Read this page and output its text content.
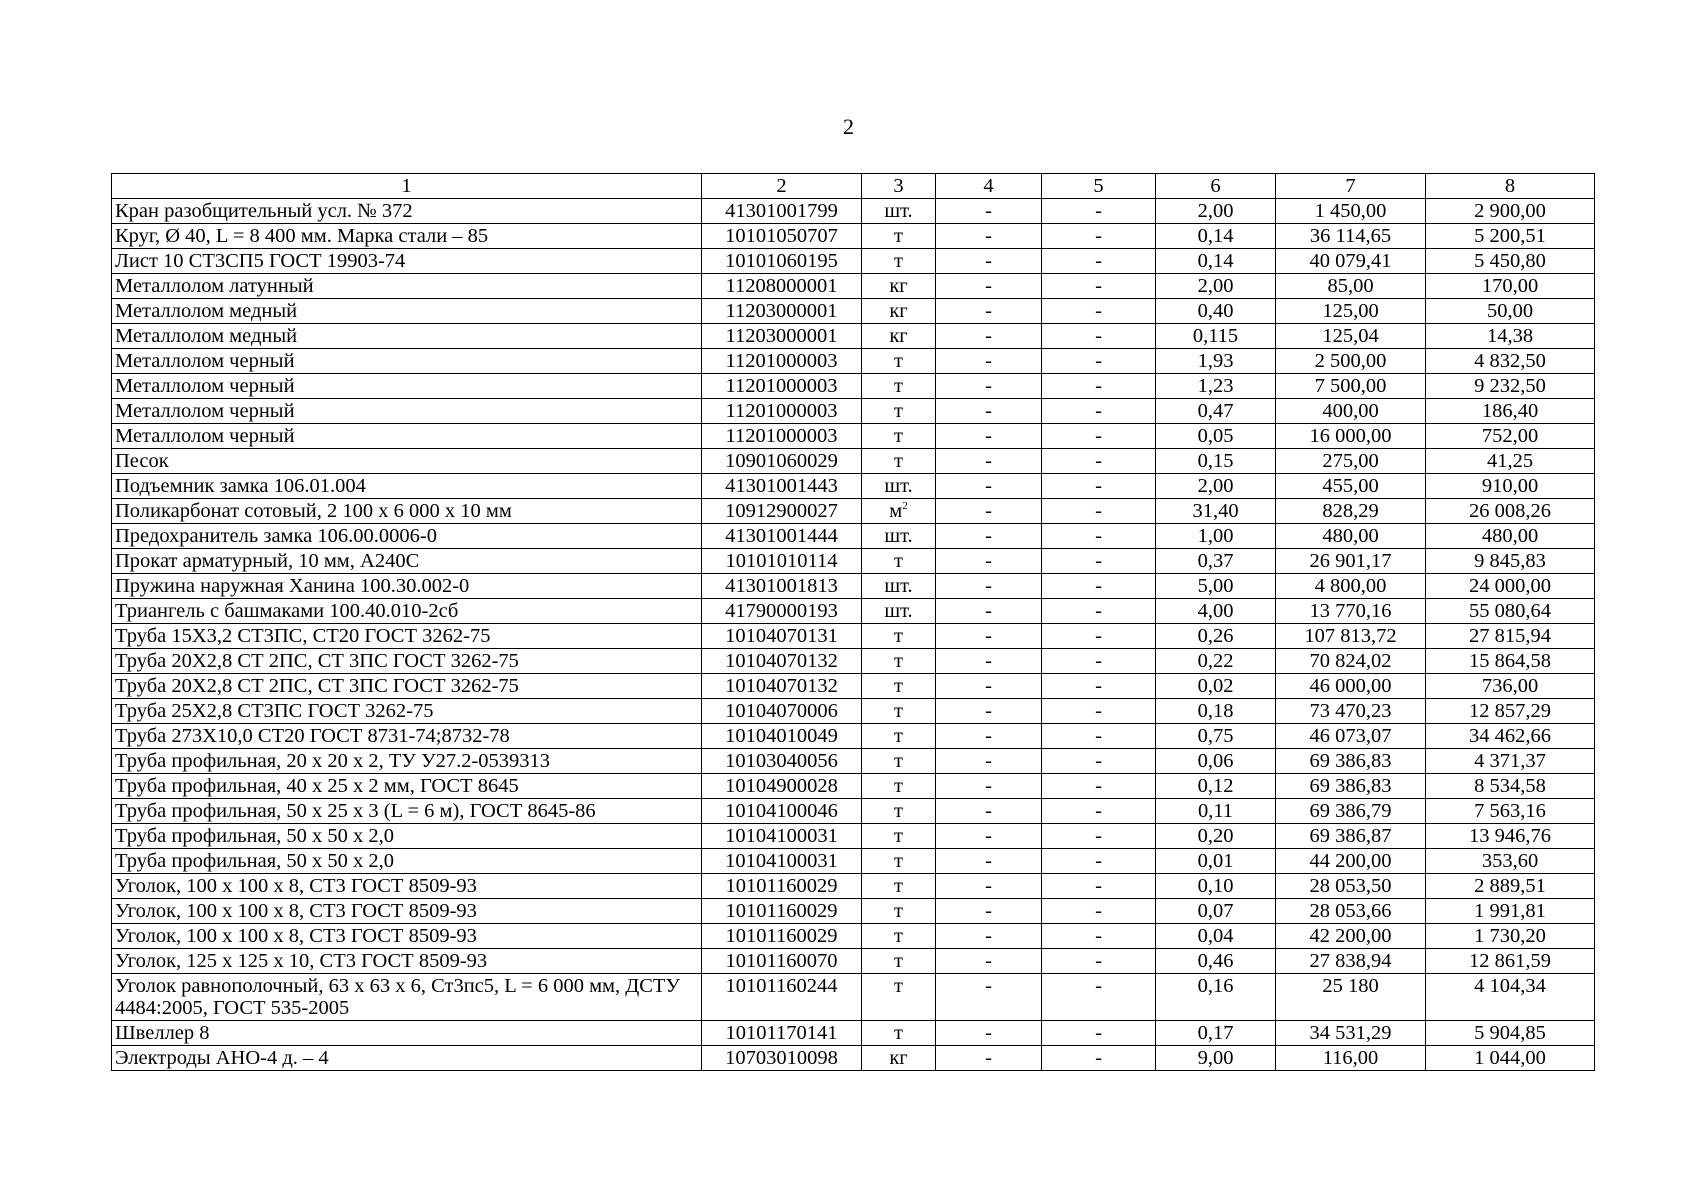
2
1	2	3	4	5	6	7	8
Кран разобщительный усл. № 372	41301001799	шт.	-	-	2,00	1 450,00	2 900,00
Круг, Ø 40, L = 8 400 мм. Марка стали – 85	10101050707	т	-	-	0,14	36 114,65	5 200,51
Лист 10 СТ3СП5 ГОСТ 19903-74	10101060195	т	-	-	0,14	40 079,41	5 450,80
Металлолом латунный	11208000001	кг	-	-	2,00	85,00	170,00
Металлолом медный	11203000001	кг	-	-	0,40	125,00	50,00
Металлолом медный	11203000001	кг	-	-	0,115	125,04	14,38
Металлолом черный	11201000003	т	-	-	1,93	2 500,00	4 832,50
Металлолом черный	11201000003	т	-	-	1,23	7 500,00	9 232,50
Металлолом черный	11201000003	т	-	-	0,47	400,00	186,40
Металлолом черный	11201000003	т	-	-	0,05	16 000,00	752,00
Песок	10901060029	т	-	-	0,15	275,00	41,25
Подъемник замка 106.01.004	41301001443	шт.	-	-	2,00	455,00	910,00
Поликарбонат сотовый, 2 100 х 6 000 х 10 мм	10912900027	$м^2$	-	-	31,40	828,29	26 008,26
Предохранитель замка 106.00.0006-0	41301001444	шт.	-	-	1,00	480,00	480,00
Прокат арматурный, 10 мм, А240С	10101010114	т	-	-	0,37	26 901,17	9 845,83
Пружина наружная Ханина 100.30.002-0	41301001813	шт.	-	-	5,00	4 800,00	24 000,00
Триангель с башмаками 100.40.010-2сб	41790000193	шт.	-	-	4,00	13 770,16	55 080,64
Труба 15Х3,2 СТ3ПС, СТ20 ГОСТ 3262-75	10104070131	т	-	-	0,26	107 813,72	27 815,94
Труба 20Х2,8 СТ 2ПС, СТ 3ПС ГОСТ 3262-75	10104070132	т	-	-	0,22	70 824,02	15 864,58
Труба 20Х2,8 СТ 2ПС, СТ 3ПС ГОСТ 3262-75	10104070132	т	-	-	0,02	46 000,00	736,00
Труба 25Х2,8 СТ3ПС ГОСТ 3262-75	10104070006	т	-	-	0,18	73 470,23	12 857,29
Труба 273Х10,0 СТ20 ГОСТ 8731-74;8732-78	10104010049	т	-	-	0,75	46 073,07	34 462,66
Труба профильная, 20 х 20 х 2, ТУ У27.2-0539313	10103040056	т	-	-	0,06	69 386,83	4 371,37
Труба профильная, 40 х 25 х 2 мм, ГОСТ 8645	10104900028	т	-	-	0,12	69 386,83	8 534,58
Труба профильная, 50 х 25 х 3 (L = 6 м), ГОСТ 8645-86	10104100046	т	-	-	0,11	69 386,79	7 563,16
Труба профильная, 50 х 50 х 2,0	10104100031	т	-	-	0,20	69 386,87	13 946,76
Труба профильная, 50 х 50 х 2,0	10104100031	т	-	-	0,01	44 200,00	353,60
Уголок, 100 х 100 х 8, СТ3 ГОСТ 8509-93	10101160029	т	-	-	0,10	28 053,50	2 889,51
Уголок, 100 х 100 х 8, СТ3 ГОСТ 8509-93	10101160029	т	-	-	0,07	28 053,66	1 991,81
Уголок, 100 х 100 х 8, СТ3 ГОСТ 8509-93	10101160029	т	-	-	0,04	42 200,00	1 730,20
Уголок, 125 х 125 х 10, СТ3 ГОСТ 8509-93	10101160070	т	-	-	0,46	27 838,94	12 861,59
Уголок равнополочный, 63 х 63 х 6, Ст3пс5, L = 6 000 мм, ДСТУ 4484:2005, ГОСТ 535-2005	10101160244	т	-	-	0,16	25 180	4 104,34
Швеллер 8	10101170141	т	-	-	0,17	34 531,29	5 904,85
Электроды АНО-4 д. – 4	10703010098	кг	-	-	9,00	116,00	1 044,00
